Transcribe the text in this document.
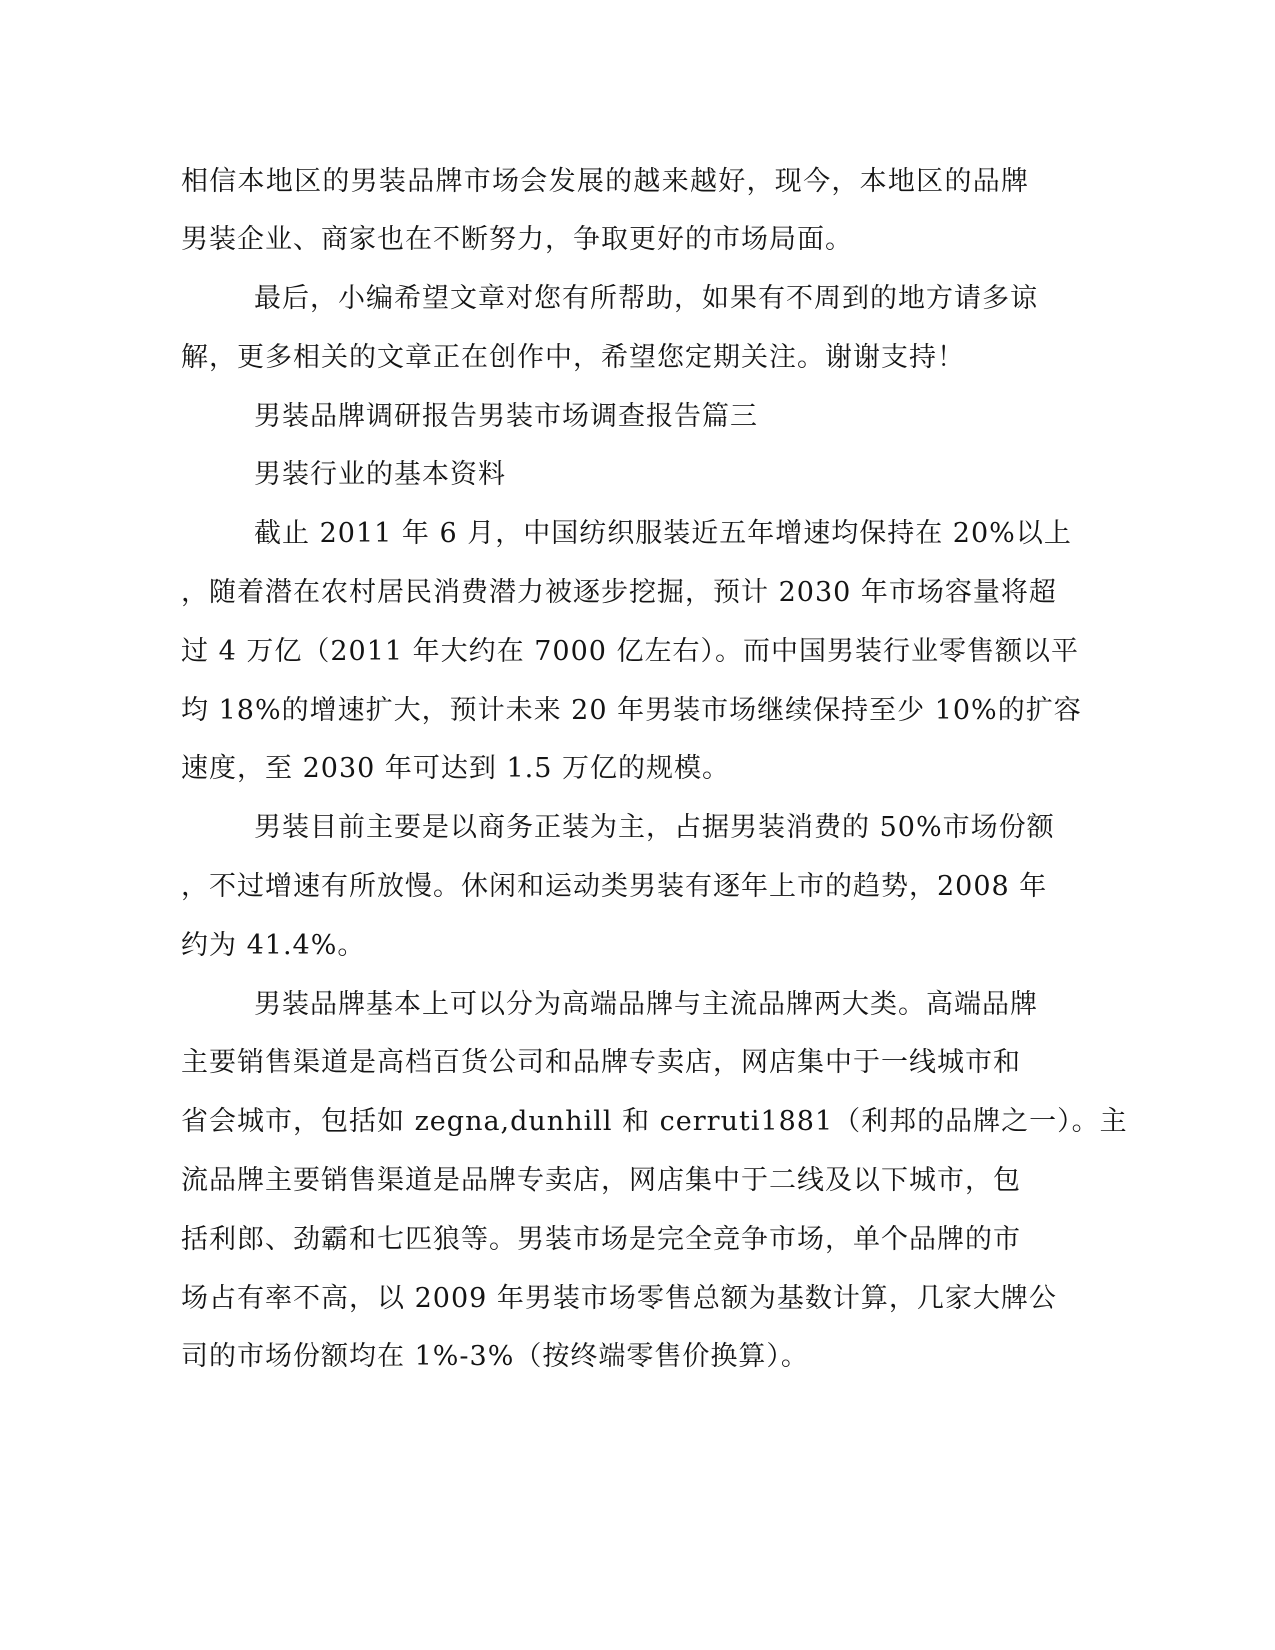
相信本地区的男装品牌市场会发展的越来越好，现今，本地区的品牌
男装企业、商家也在不断努力，争取更好的市场局面。
最后，小编希望文章对您有所帮助，如果有不周到的地方请多谅
解，更多相关的文章正在创作中，希望您定期关注。谢谢支持！
男装品牌调研报告男装市场调查报告篇三
男装行业的基本资料
截止 2011 年 6 月，中国纺织服装近五年增速均保持在 20%以上
，随着潜在农村居民消费潜力被逐步挖掘，预计 2030 年市场容量将超
过 4 万亿（2011 年大约在 7000 亿左右）。而中国男装行业零售额以平
均 18%的增速扩大，预计未来 20 年男装市场继续保持至少 10%的扩容
速度，至 2030 年可达到 1.5 万亿的规模。
男装目前主要是以商务正装为主，占据男装消费的 50%市场份额
，不过增速有所放慢。休闲和运动类男装有逐年上市的趋势，2008 年
约为 41.4%。
男装品牌基本上可以分为高端品牌与主流品牌两大类。高端品牌
主要销售渠道是高档百货公司和品牌专卖店，网店集中于一线城市和
省会城市，包括如 zegna,dunhill 和 cerruti1881（利邦的品牌之一）。主
流品牌主要销售渠道是品牌专卖店，网店集中于二线及以下城市，包
括利郎、劲霸和七匹狼等。男装市场是完全竞争市场，单个品牌的市
场占有率不高，以 2009 年男装市场零售总额为基数计算，几家大牌公
司的市场份额均在 1%-3%（按终端零售价换算）。
